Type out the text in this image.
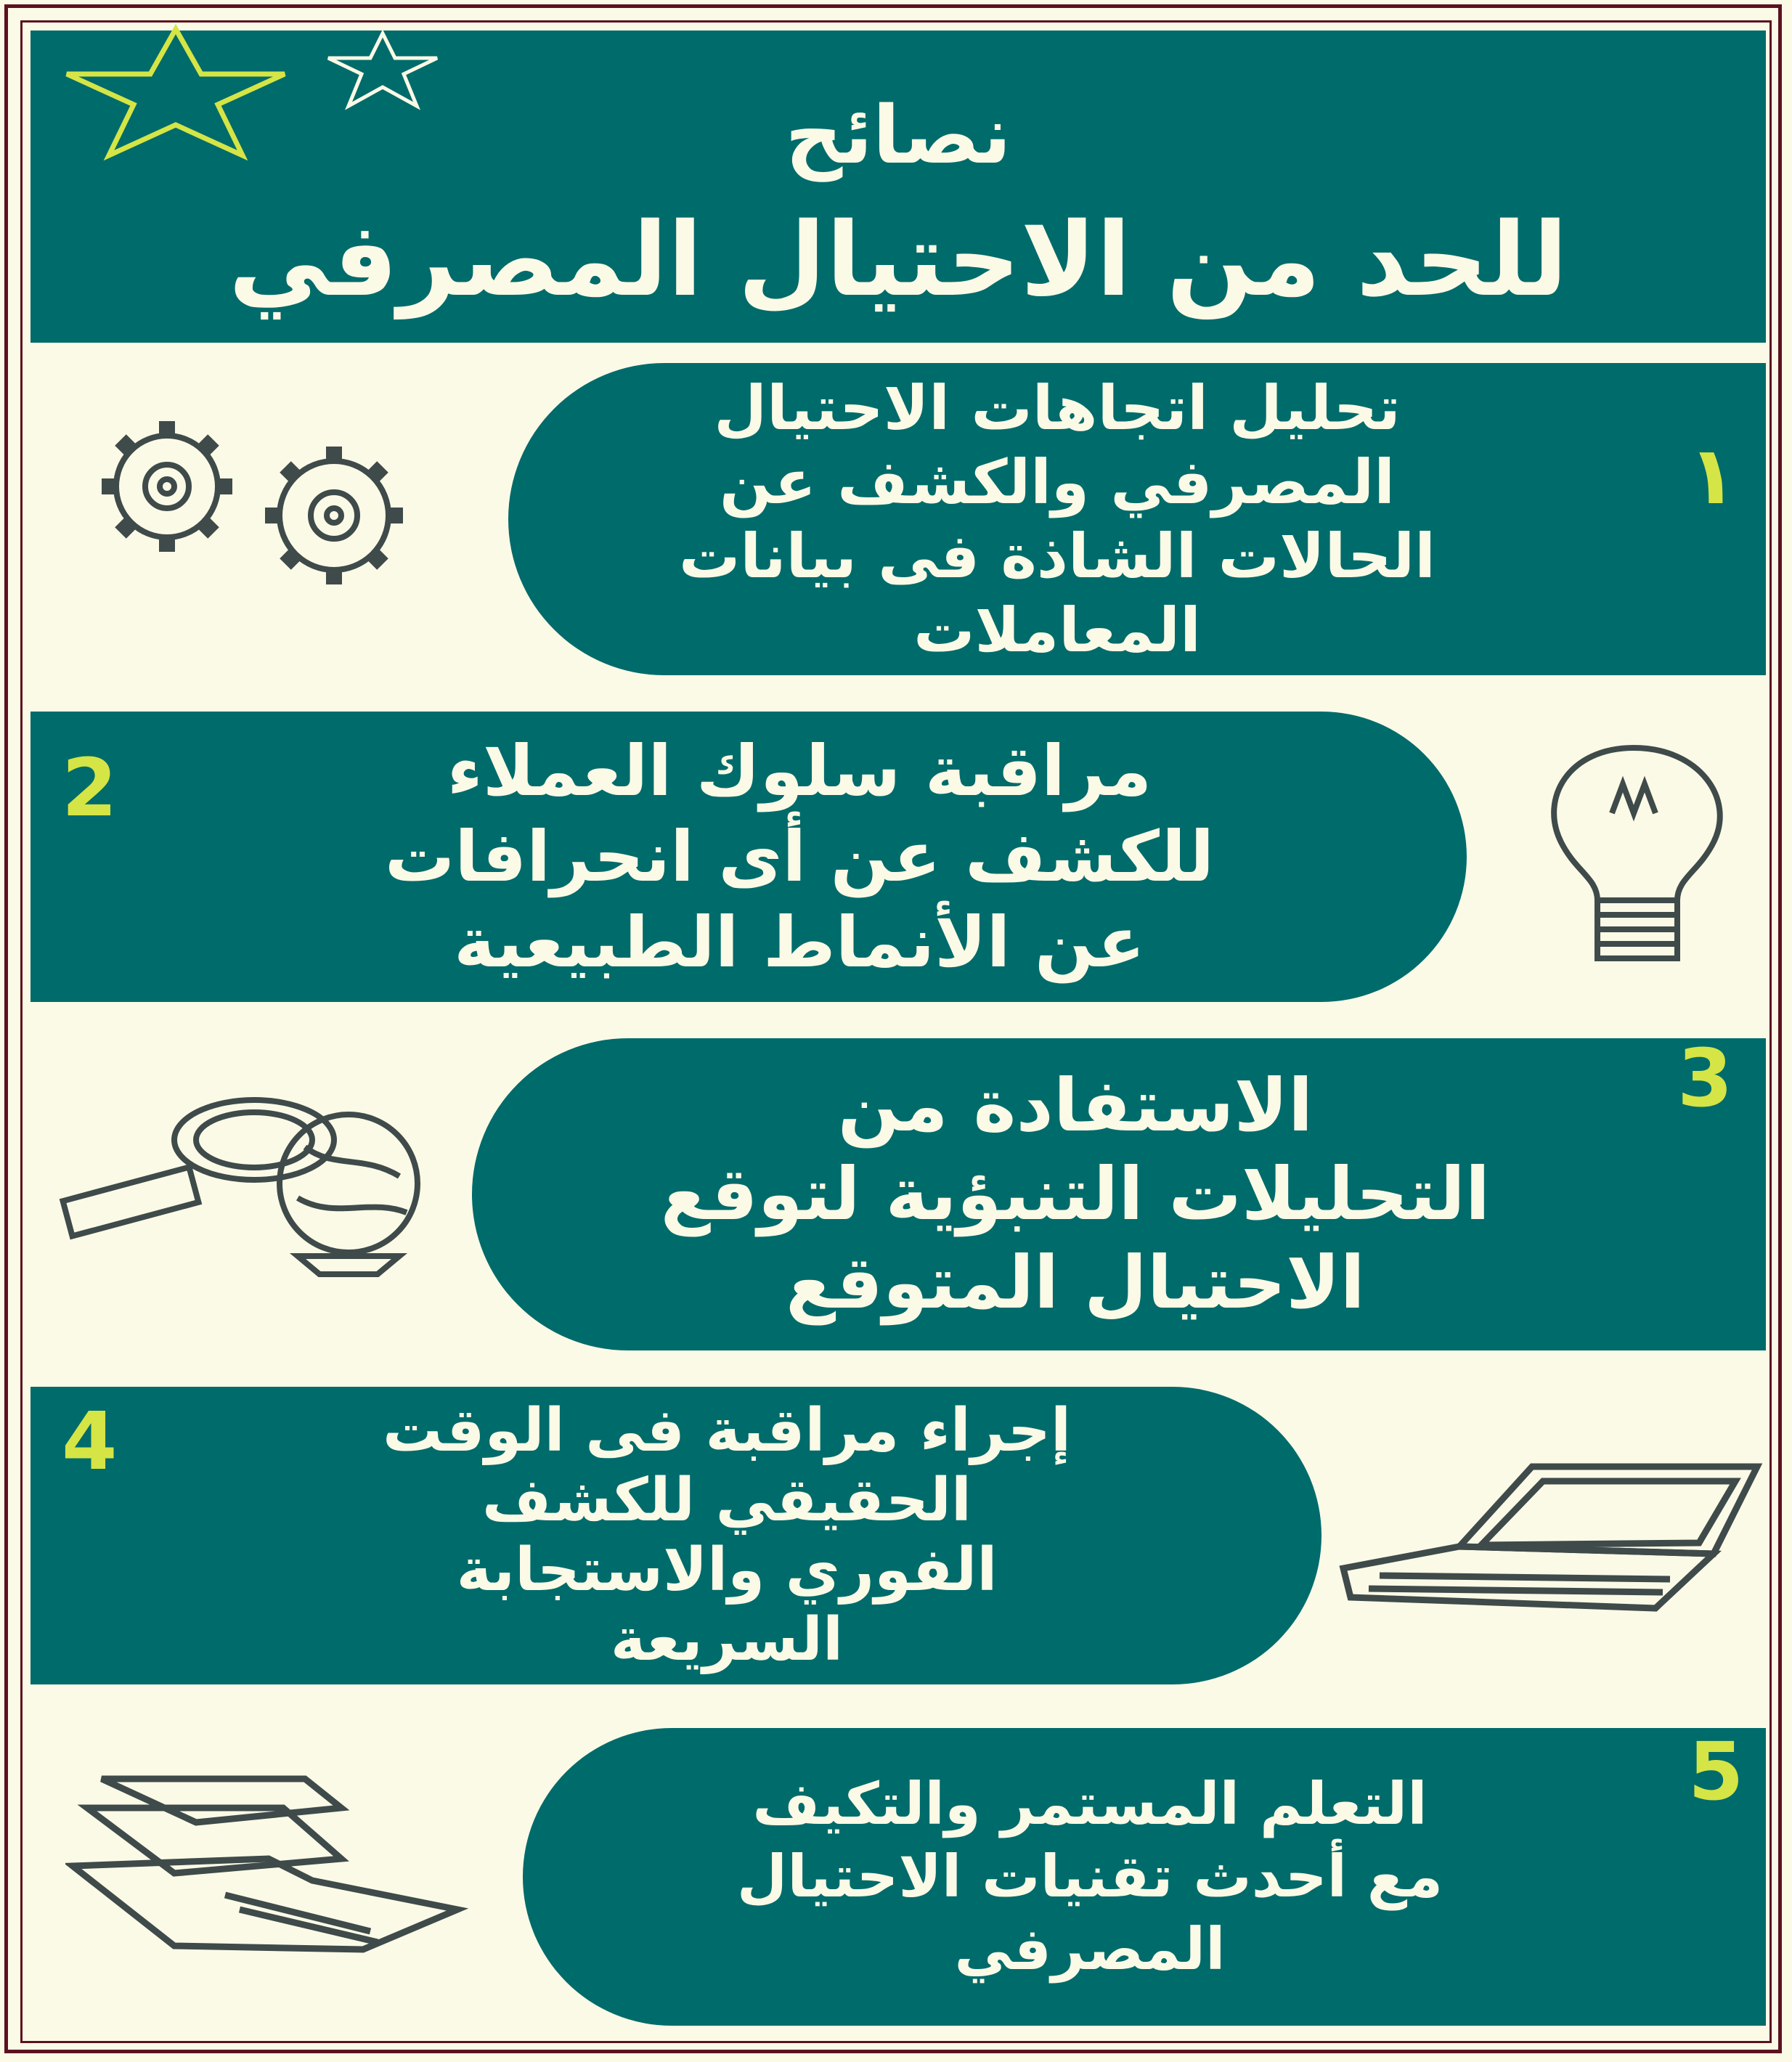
نصائح
للحد من الاحتيال المصرفي
تحليل اتجاهات الاحتيال
المصرفي والكشف عن
الحالات الشاذة فى بيانات
المعاملات
١
مراقبة سلوك العملاء
للكشف عن أى انحرافات
عن الأنماط الطبيعية
2
الاستفادة من
التحليلات التنبؤية لتوقع
الاحتيال المتوقع
3
إجراء مراقبة فى الوقت
الحقيقي للكشف
الفوري والاستجابة
السريعة
4
التعلم المستمر والتكيف
مع أحدث تقنيات الاحتيال
المصرفي
5
